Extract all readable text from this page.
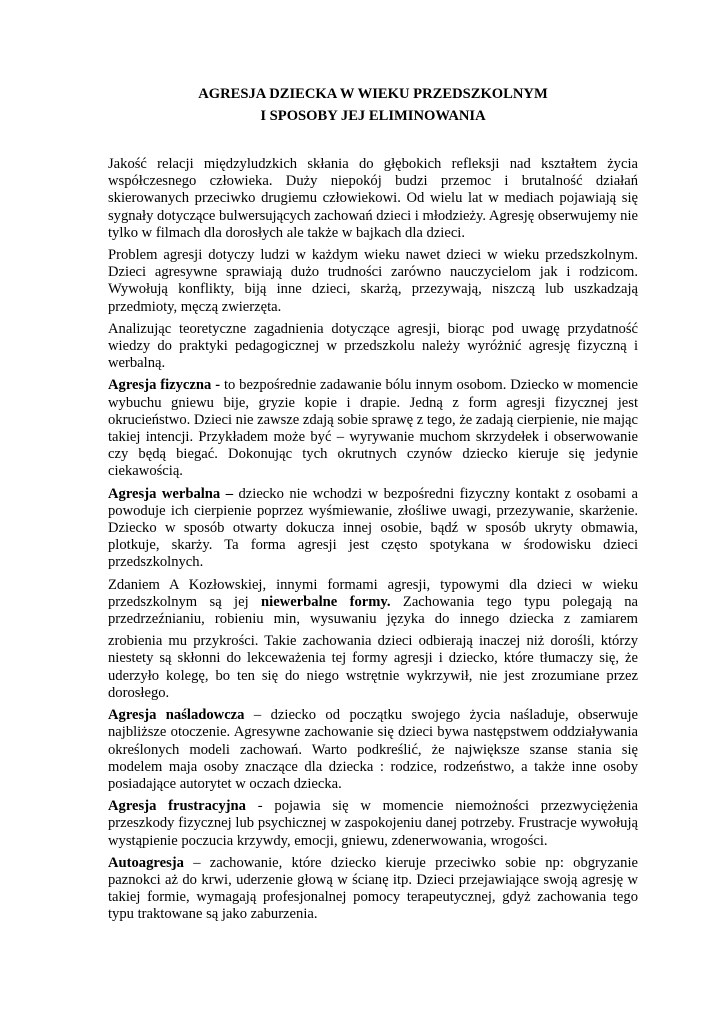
AGRESJA DZIECKA W WIEKU PRZEDSZKOLNYM
I SPOSOBY JEJ ELIMINOWANIA

Jakość relacji międzyludzkich skłania do głębokich refleksji nad kształtem życia współczesnego człowieka. Duży niepokój budzi przemoc i brutalność działań skierowanych przeciwko drugiemu człowiekowi. Od wielu lat w mediach pojawiają się sygnały dotyczące bulwersujących zachowań dzieci i młodzieży. Agresję obserwujemy nie tylko w filmach dla dorosłych ale także w bajkach dla dzieci.

Problem agresji dotyczy ludzi w każdym wieku nawet dzieci w wieku przedszkolnym. Dzieci agresywne sprawiają dużo trudności zarówno nauczycielom jak i rodzicom. Wywołują konflikty, biją inne dzieci, skarżą, przezywają, niszczą lub uszkadzają przedmioty, męczą zwierzęta.

Analizując teoretyczne zagadnienia dotyczące agresji, biorąc pod uwagę przydatność wiedzy do praktyki pedagogicznej w przedszkolu należy wyróżnić agresję fizyczną i werbalną.

Agresja fizyczna - to bezpośrednie zadawanie bólu innym osobom. Dziecko w momencie wybuchu gniewu bije, gryzie kopie i drapie. Jedną z form agresji fizycznej jest okrucieństwo. Dzieci nie zawsze zdają sobie sprawę z tego, że zadają cierpienie, nie mając takiej intencji. Przykładem może być – wyrywanie muchom skrzydełek i obserwowanie czy będą biegać. Dokonując tych okrutnych czynów dziecko kieruje się jedynie ciekawością.

Agresja werbalna – dziecko nie wchodzi w bezpośredni fizyczny kontakt z osobami a powoduje ich cierpienie poprzez wyśmiewanie, złośliwe uwagi, przezywanie, skarżenie. Dziecko w sposób otwarty dokucza innej osobie, bądź w sposób ukryty obmawia, plotkuje, skarży. Ta forma agresji jest często spotykana w środowisku dzieci przedszkolnych.

Zdaniem A Kozłowskiej, innymi formami agresji, typowymi dla dzieci w wieku przedszkolnym są jej niewerbalne formy. Zachowania tego typu polegają na przedrzeźnianiu, robieniu min, wysuwaniu języka do innego dziecka z zamiarem

zrobienia mu przykrości. Takie zachowania dzieci odbierają inaczej niż dorośli, którzy niestety są skłonni do lekceważenia tej formy agresji i dziecko, które tłumaczy się, że uderzyło kolegę, bo ten się do niego wstrętnie wykrzywił, nie jest zrozumiane przez dorosłego.

Agresja naśladowcza – dziecko od początku swojego życia naśladuje, obserwuje najbliższe otoczenie. Agresywne zachowanie się dzieci bywa następstwem oddziaływania określonych modeli zachowań. Warto podkreślić, że największe szanse stania się modelem maja osoby znaczące dla dziecka : rodzice, rodzeństwo, a także inne osoby posiadające autorytet w oczach dziecka.

Agresja frustracyjna - pojawia się w momencie niemożności przezwyciężenia przeszkody fizycznej lub psychicznej w zaspokojeniu danej potrzeby. Frustracje wywołują wystąpienie poczucia krzywdy, emocji, gniewu, zdenerwowania, wrogości.

Autoagresja – zachowanie, które dziecko kieruje przeciwko sobie np: obgryzanie paznokci aż do krwi, uderzenie głową w ścianę itp. Dzieci przejawiające swoją agresję w takiej formie, wymagają profesjonalnej pomocy terapeutycznej, gdyż zachowania tego typu traktowane są jako zaburzenia.
